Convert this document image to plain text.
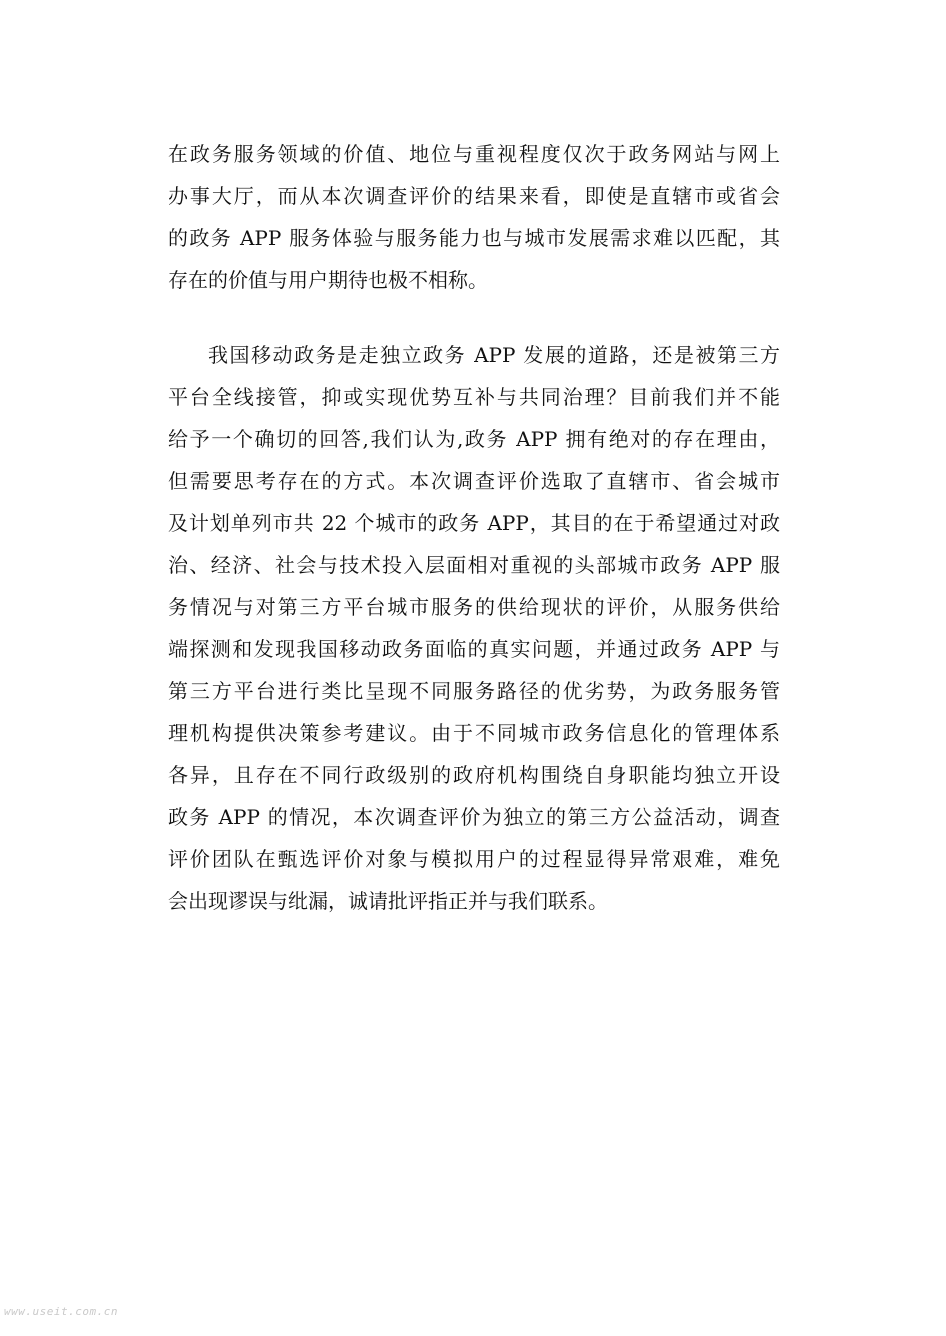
在政务服务领域的价值、地位与重视程度仅次于政务网站与网上
办事大厅，而从本次调查评价的结果来看，即使是直辖市或省会
的政务 APP 服务体验与服务能力也与城市发展需求难以匹配，其
存在的价值与用户期待也极不相称。
我国移动政务是走独立政务 APP 发展的道路，还是被第三方
平台全线接管，抑或实现优势互补与共同治理？目前我们并不能
给予一个确切的回答,我们认为,政务 APP 拥有绝对的存在理由，
但需要思考存在的方式。本次调查评价选取了直辖市、省会城市
及计划单列市共 22 个城市的政务 APP，其目的在于希望通过对政
治、经济、社会与技术投入层面相对重视的头部城市政务 APP 服
务情况与对第三方平台城市服务的供给现状的评价，从服务供给
端探测和发现我国移动政务面临的真实问题，并通过政务 APP 与
第三方平台进行类比呈现不同服务路径的优劣势，为政务服务管
理机构提供决策参考建议。由于不同城市政务信息化的管理体系
各异，且存在不同行政级别的政府机构围绕自身职能均独立开设
政务 APP 的情况，本次调查评价为独立的第三方公益活动，调查
评价团队在甄选评价对象与模拟用户的过程显得异常艰难，难免
会出现谬误与纰漏，诚请批评指正并与我们联系。
www.useit.com.cn
